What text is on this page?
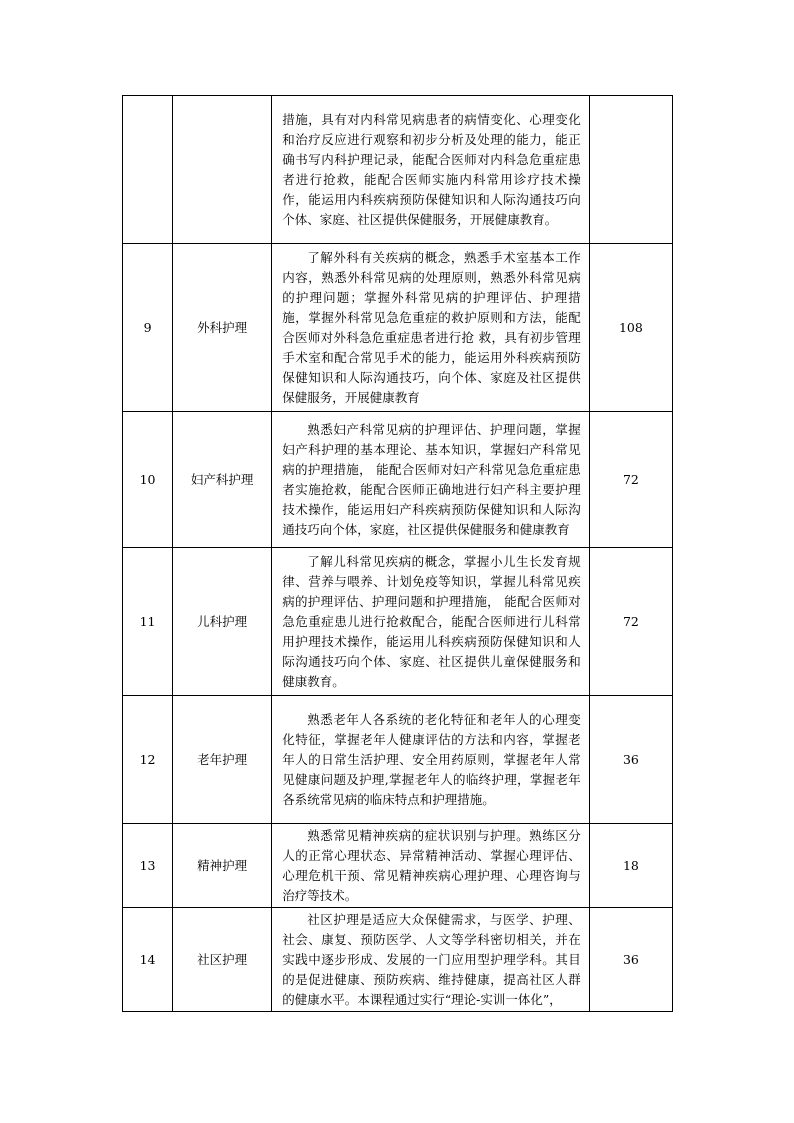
		措施，具有对内科常见病患者的病情变化、心理变化和治疗反应进行观察和初步分析及处理的能力，能正确书写内科护理记录，能配合医师对内科急危重症患者进行抢救，能配合医师实施内科常用诊疗技术操作，能运用内科疾病预防保健知识和人际沟通技巧向个体、家庭、社区提供保健服务，开展健康教育。	

9	外科护理	了解外科有关疾病的概念，熟悉手术室基本工作内容，熟悉外科常见病的处理原则，熟悉外科常见病的护理问题；掌握外科常见病的护理评估、护理措施，掌握外科常见急危重症的救护原则和方法，能配合医师对外科急危重症患者进行抢 救，具有初步管理手术室和配合常见手术的能力，能运用外科疾病预防保健知识和人际沟通技巧，向个体、家庭及社区提供保健服务，开展健康教育	108
10	妇产科护理	熟悉妇产科常见病的护理评估、护理问题，掌握妇产科护理的基本理论、基本知识，掌握妇产科常见病的护理措施， 能配合医师对妇产科常见急危重症患者实施抢救，能配合医师正确地进行妇产科主要护理技术操作，能运用妇产科疾病预防保健知识和人际沟通技巧向个体，家庭，社区提供保健服务和健康教育	72
11	儿科护理	了解儿科常见疾病的概念，掌握小儿生长发育规律、营养与喂养、计划免疫等知识，掌握儿科常见疾病的护理评估、护理问题和护理措施， 能配合医师对急危重症患儿进行抢救配合，能配合医师进行儿科常用护理技术操作，能运用儿科疾病预防保健知识和人际沟通技巧向个体、家庭、社区提供儿童保健服务和健康教育。	72
12	老年护理	熟悉老年人各系统的老化特征和老年人的心理变化特征，掌握老年人健康评估的方法和内容，掌握老年人的日常生活护理、安全用药原则，掌握老年人常见健康问题及护理,掌握老年人的临终护理，掌握老年各系统常见病的临床特点和护理措施。	36
13	精神护理	熟悉常见精神疾病的症状识别与护理。熟练区分人的正常心理状态、异常精神活动、掌握心理评估、心理危机干预、常见精神疾病心理护理、心理咨询与治疗等技术。	18
14	社区护理	社区护理是适应大众保健需求，与医学、护理、社会、康复、预防医学、人文等学科密切相关，并在实践中逐步形成、发展的一门应用型护理学科。其目的是促进健康、预防疾病、维持健康，提高社区人群的健康水平。本课程通过实行“理论-实训一体化”，	36
